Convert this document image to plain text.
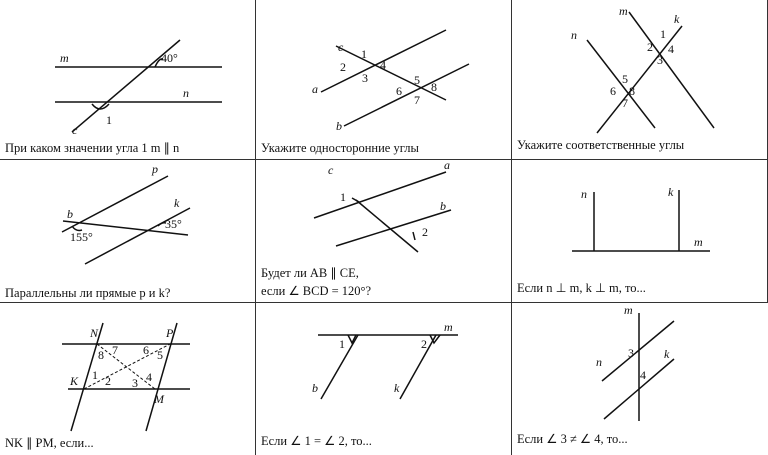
m
n
c
40°
1
При каком значении угла 1 m ∥ n
a
b
c 1
2
3
4
5
6
7
8
Укажите односторонние углы
m
n
k
1
2
3
4
5
6
7
8
Укажите соответственные углы
p
b
k
155°
35°
Параллельны ли прямые p и k?
c	a
b
1
2
Будет ли AB ∥ CE,
если ∠ BCD = 120°?
n	k
m
Если n ⊥ m, k ⊥ m, то...
N	P
K
M
1 2 3 4
5
6
7
8
NK ∥ PM, если...
m
b	k
1	2
Если ∠ 1 = ∠ 2, то...
m
n
k
3
4
Если ∠ 3 ≠ ∠ 4, то...
